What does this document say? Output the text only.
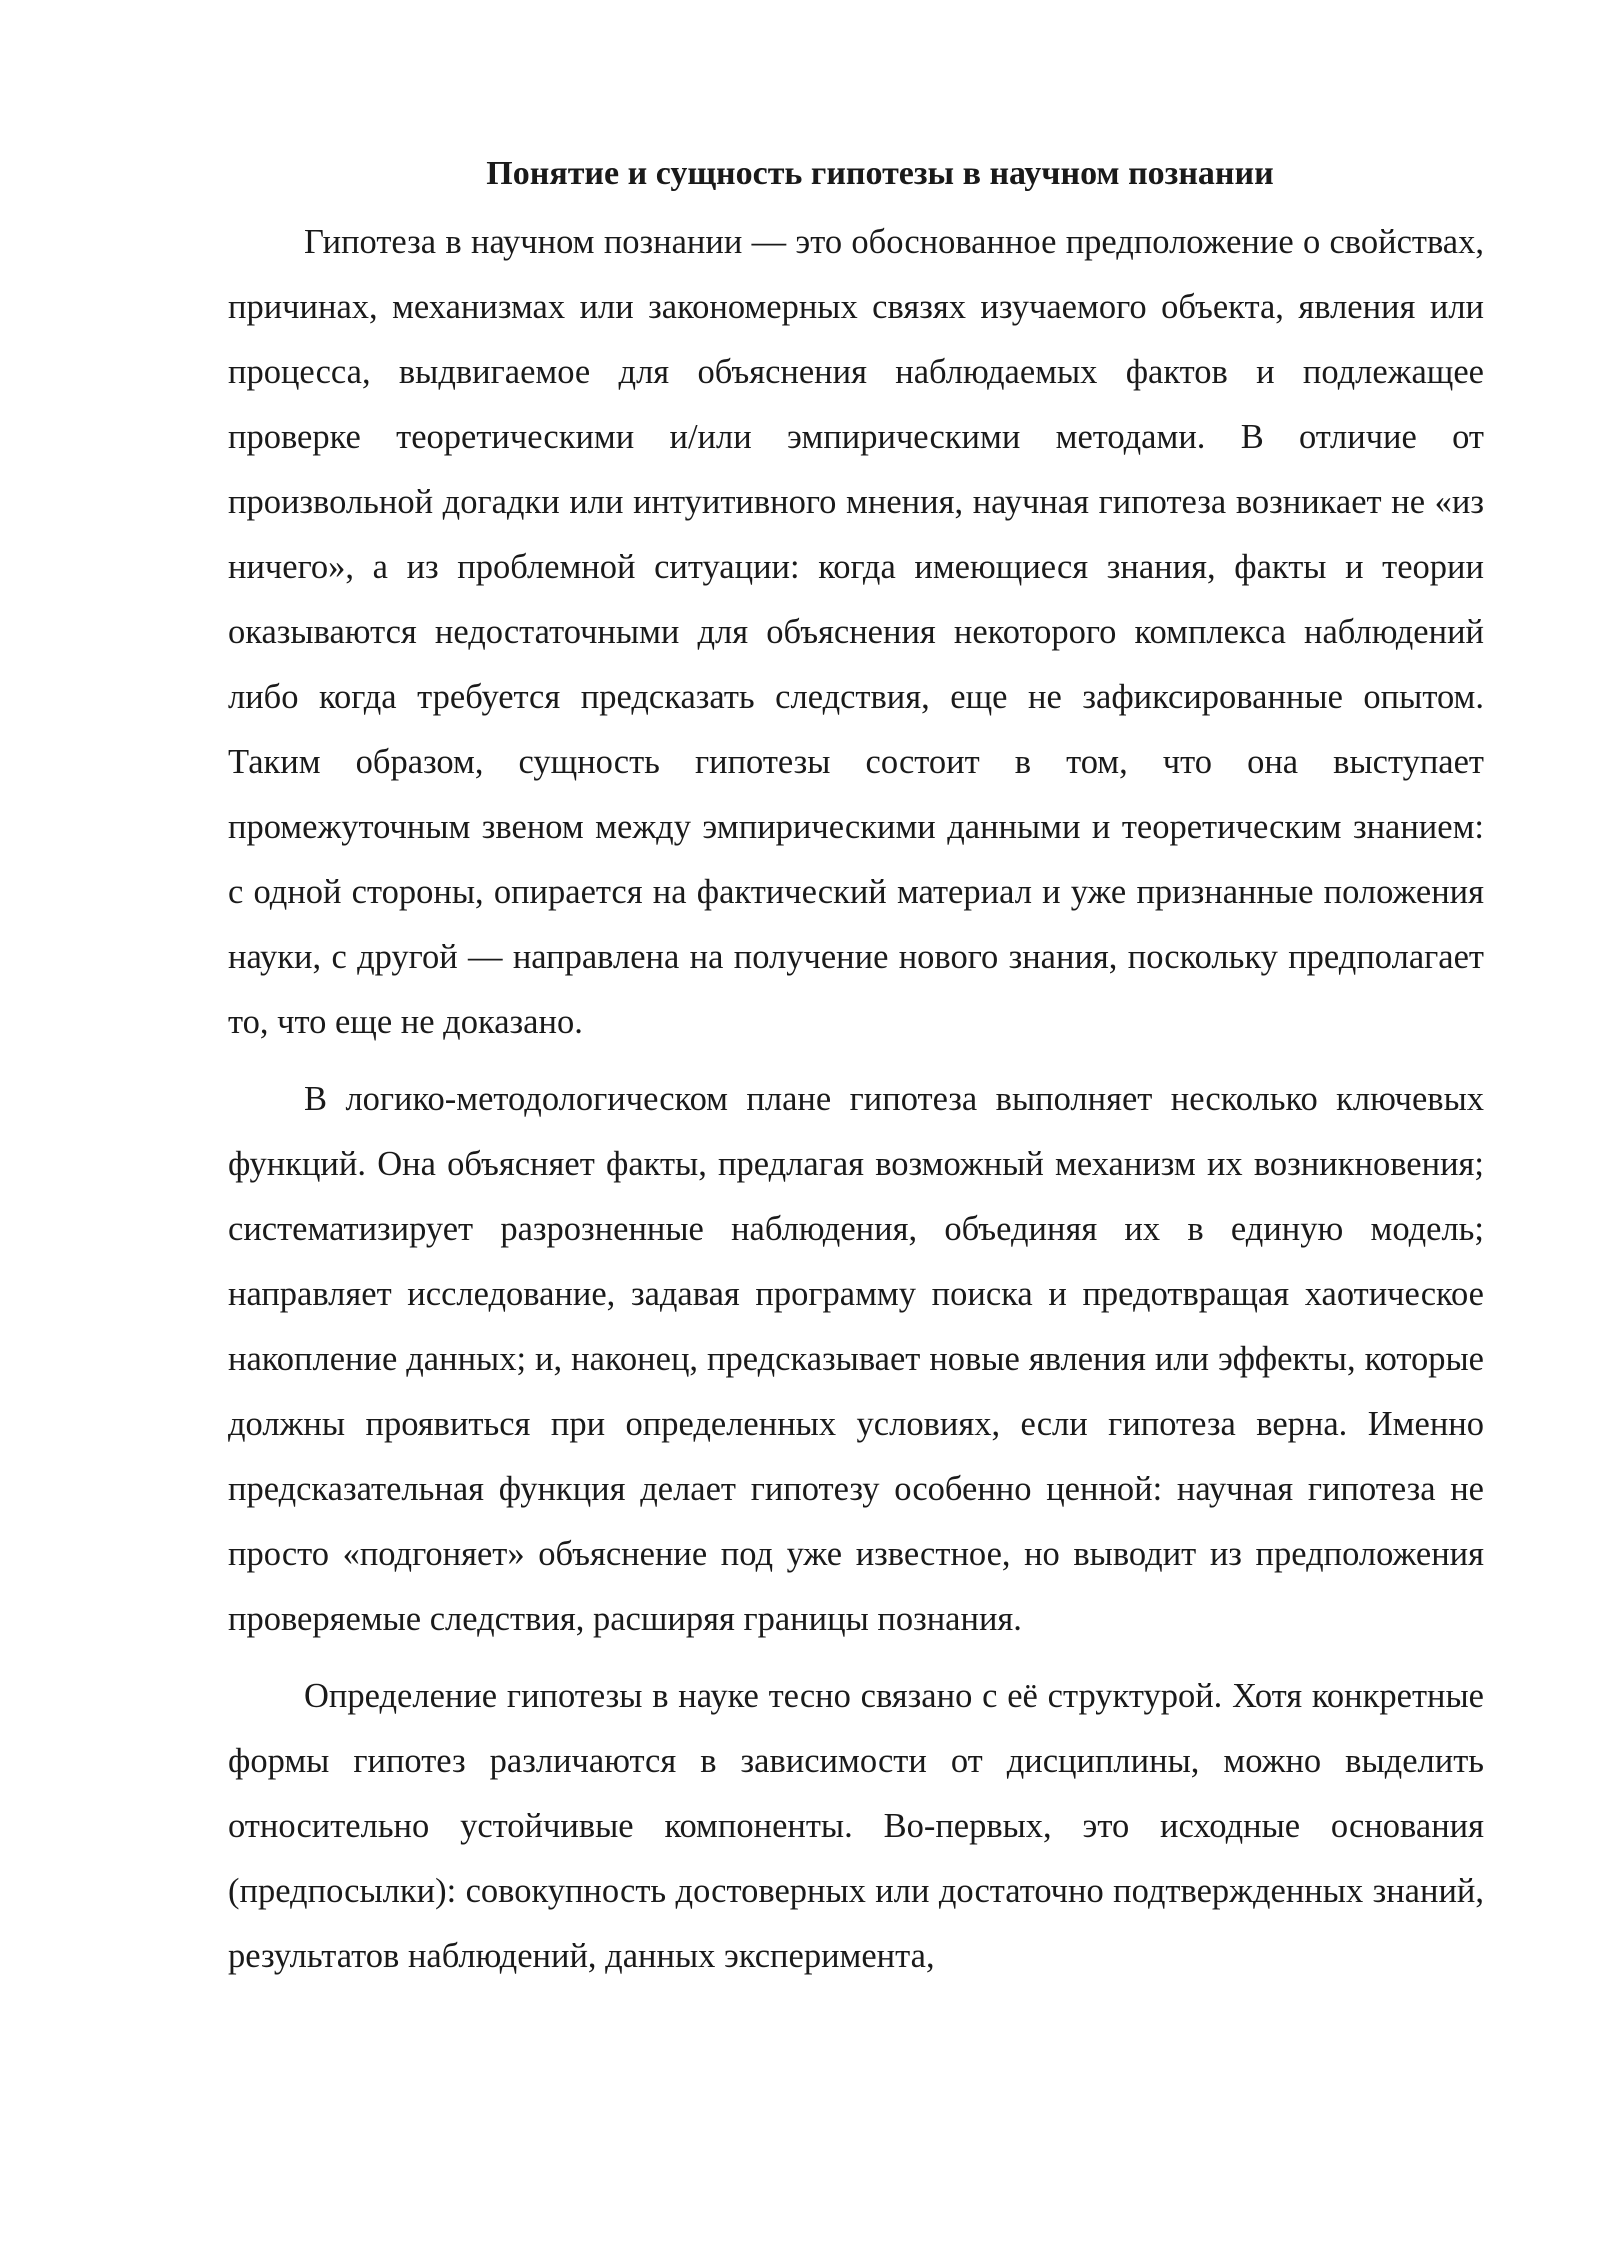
Понятие и сущность гипотезы в научном познании

Гипотеза в научном познании — это обоснованное предположение о свойствах, причинах, механизмах или закономерных связях изучаемого объекта, явления или процесса, выдвигаемое для объяснения наблюдаемых фактов и подлежащее проверке теоретическими и/или эмпирическими методами. В отличие от произвольной догадки или интуитивного мнения, научная гипотеза возникает не «из ничего», а из проблемной ситуации: когда имеющиеся знания, факты и теории оказываются недостаточными для объяснения некоторого комплекса наблюдений либо когда требуется предсказать следствия, еще не зафиксированные опытом. Таким образом, сущность гипотезы состоит в том, что она выступает промежуточным звеном между эмпирическими данными и теоретическим знанием: с одной стороны, опирается на фактический материал и уже признанные положения науки, с другой — направлена на получение нового знания, поскольку предполагает то, что еще не доказано.

В логико-методологическом плане гипотеза выполняет несколько ключевых функций. Она объясняет факты, предлагая возможный механизм их возникновения; систематизирует разрозненные наблюдения, объединяя их в единую модель; направляет исследование, задавая программу поиска и предотвращая хаотическое накопление данных; и, наконец, предсказывает новые явления или эффекты, которые должны проявиться при определенных условиях, если гипотеза верна. Именно предсказательная функция делает гипотезу особенно ценной: научная гипотеза не просто «подгоняет» объяснение под уже известное, но выводит из предположения проверяемые следствия, расширяя границы познания.

Определение гипотезы в науке тесно связано с её структурой. Хотя конкретные формы гипотез различаются в зависимости от дисциплины, можно выделить относительно устойчивые компоненты. Во-первых, это исходные основания (предпосылки): совокупность достоверных или достаточно подтвержденных знаний, результатов наблюдений, данных эксперимента,
